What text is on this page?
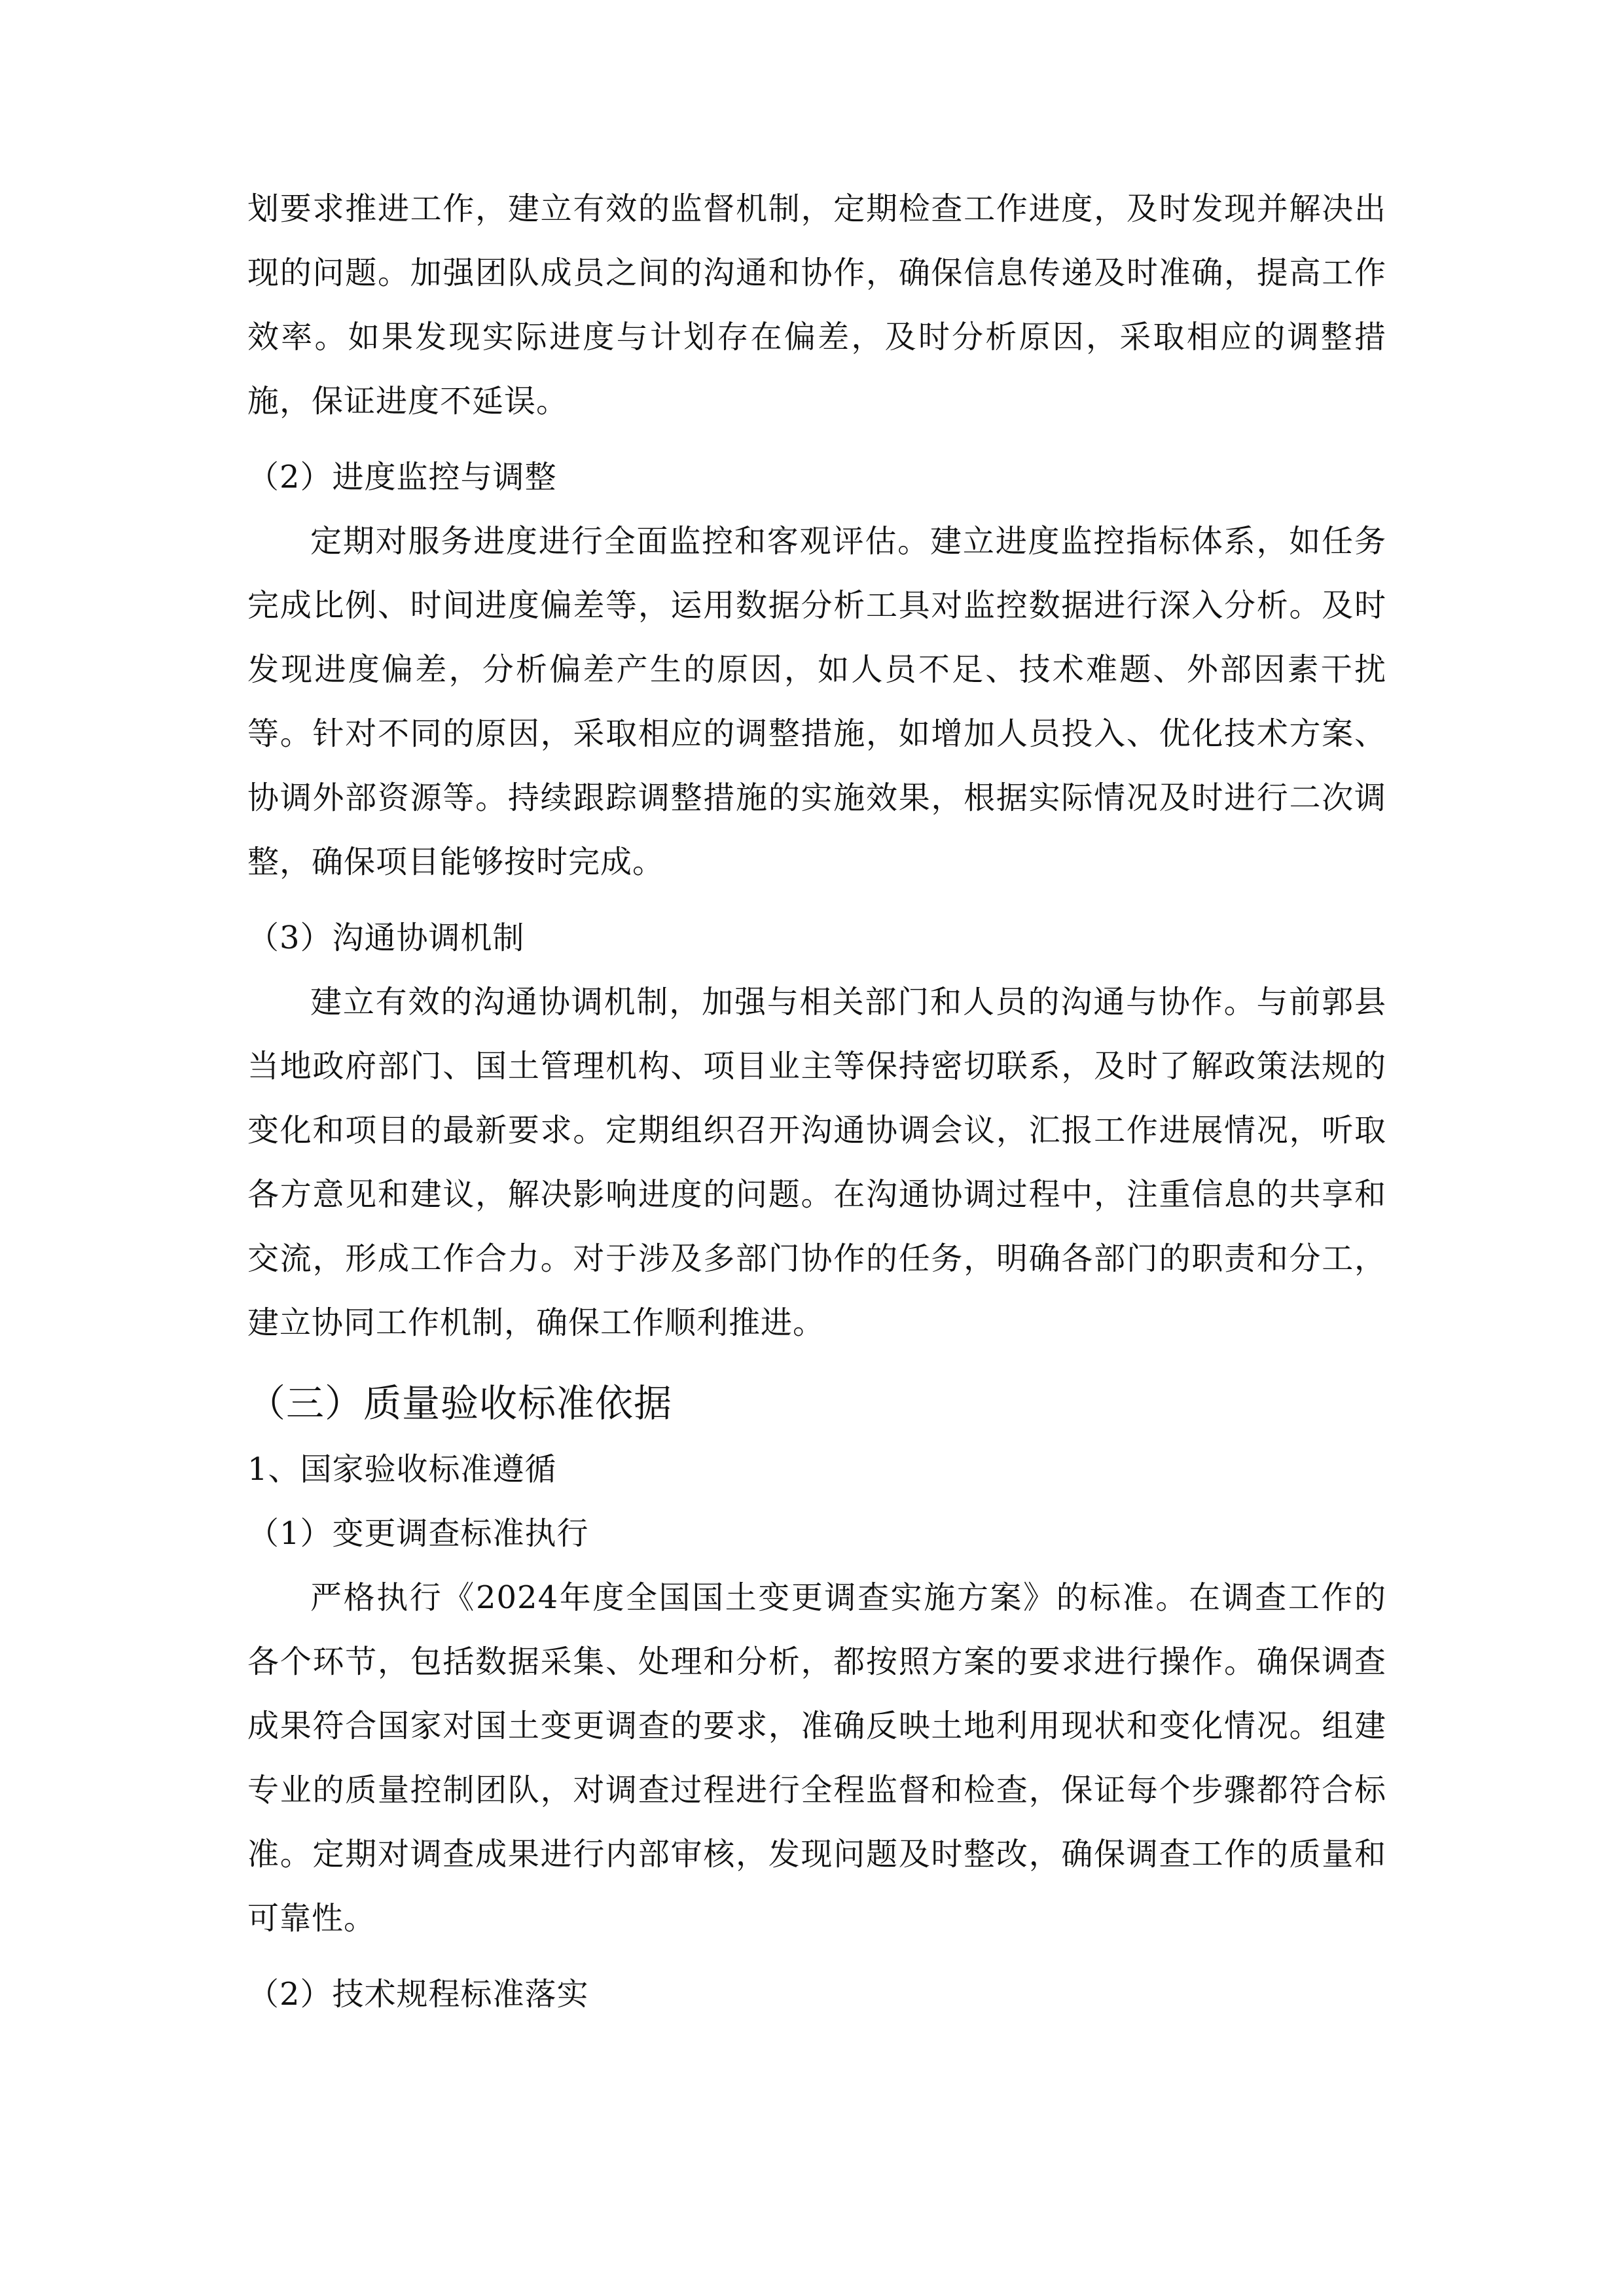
划要求推进工作，建立有效的监督机制，定期检查工作进度，及时发现并解决出现的问题。加强团队成员之间的沟通和协作，确保信息传递及时准确，提高工作效率。如果发现实际进度与计划存在偏差，及时分析原因，采取相应的调整措施，保证进度不延误。

（2）进度监控与调整

定期对服务进度进行全面监控和客观评估。建立进度监控指标体系，如任务完成比例、时间进度偏差等，运用数据分析工具对监控数据进行深入分析。及时发现进度偏差，分析偏差产生的原因，如人员不足、技术难题、外部因素干扰等。针对不同的原因，采取相应的调整措施，如增加人员投入、优化技术方案、协调外部资源等。持续跟踪调整措施的实施效果，根据实际情况及时进行二次调整，确保项目能够按时完成。

（3）沟通协调机制

建立有效的沟通协调机制，加强与相关部门和人员的沟通与协作。与前郭县当地政府部门、国土管理机构、项目业主等保持密切联系，及时了解政策法规的变化和项目的最新要求。定期组织召开沟通协调会议，汇报工作进展情况，听取各方意见和建议，解决影响进度的问题。在沟通协调过程中，注重信息的共享和交流，形成工作合力。对于涉及多部门协作的任务，明确各部门的职责和分工，建立协同工作机制，确保工作顺利推进。

（三）质量验收标准依据

1、国家验收标准遵循

（1）变更调查标准执行

严格执行《2024年度全国国土变更调查实施方案》的标准。在调查工作的各个环节，包括数据采集、处理和分析，都按照方案的要求进行操作。确保调查成果符合国家对国土变更调查的要求，准确反映土地利用现状和变化情况。组建专业的质量控制团队，对调查过程进行全程监督和检查，保证每个步骤都符合标准。定期对调查成果进行内部审核，发现问题及时整改，确保调查工作的质量和可靠性。

（2）技术规程标准落实
